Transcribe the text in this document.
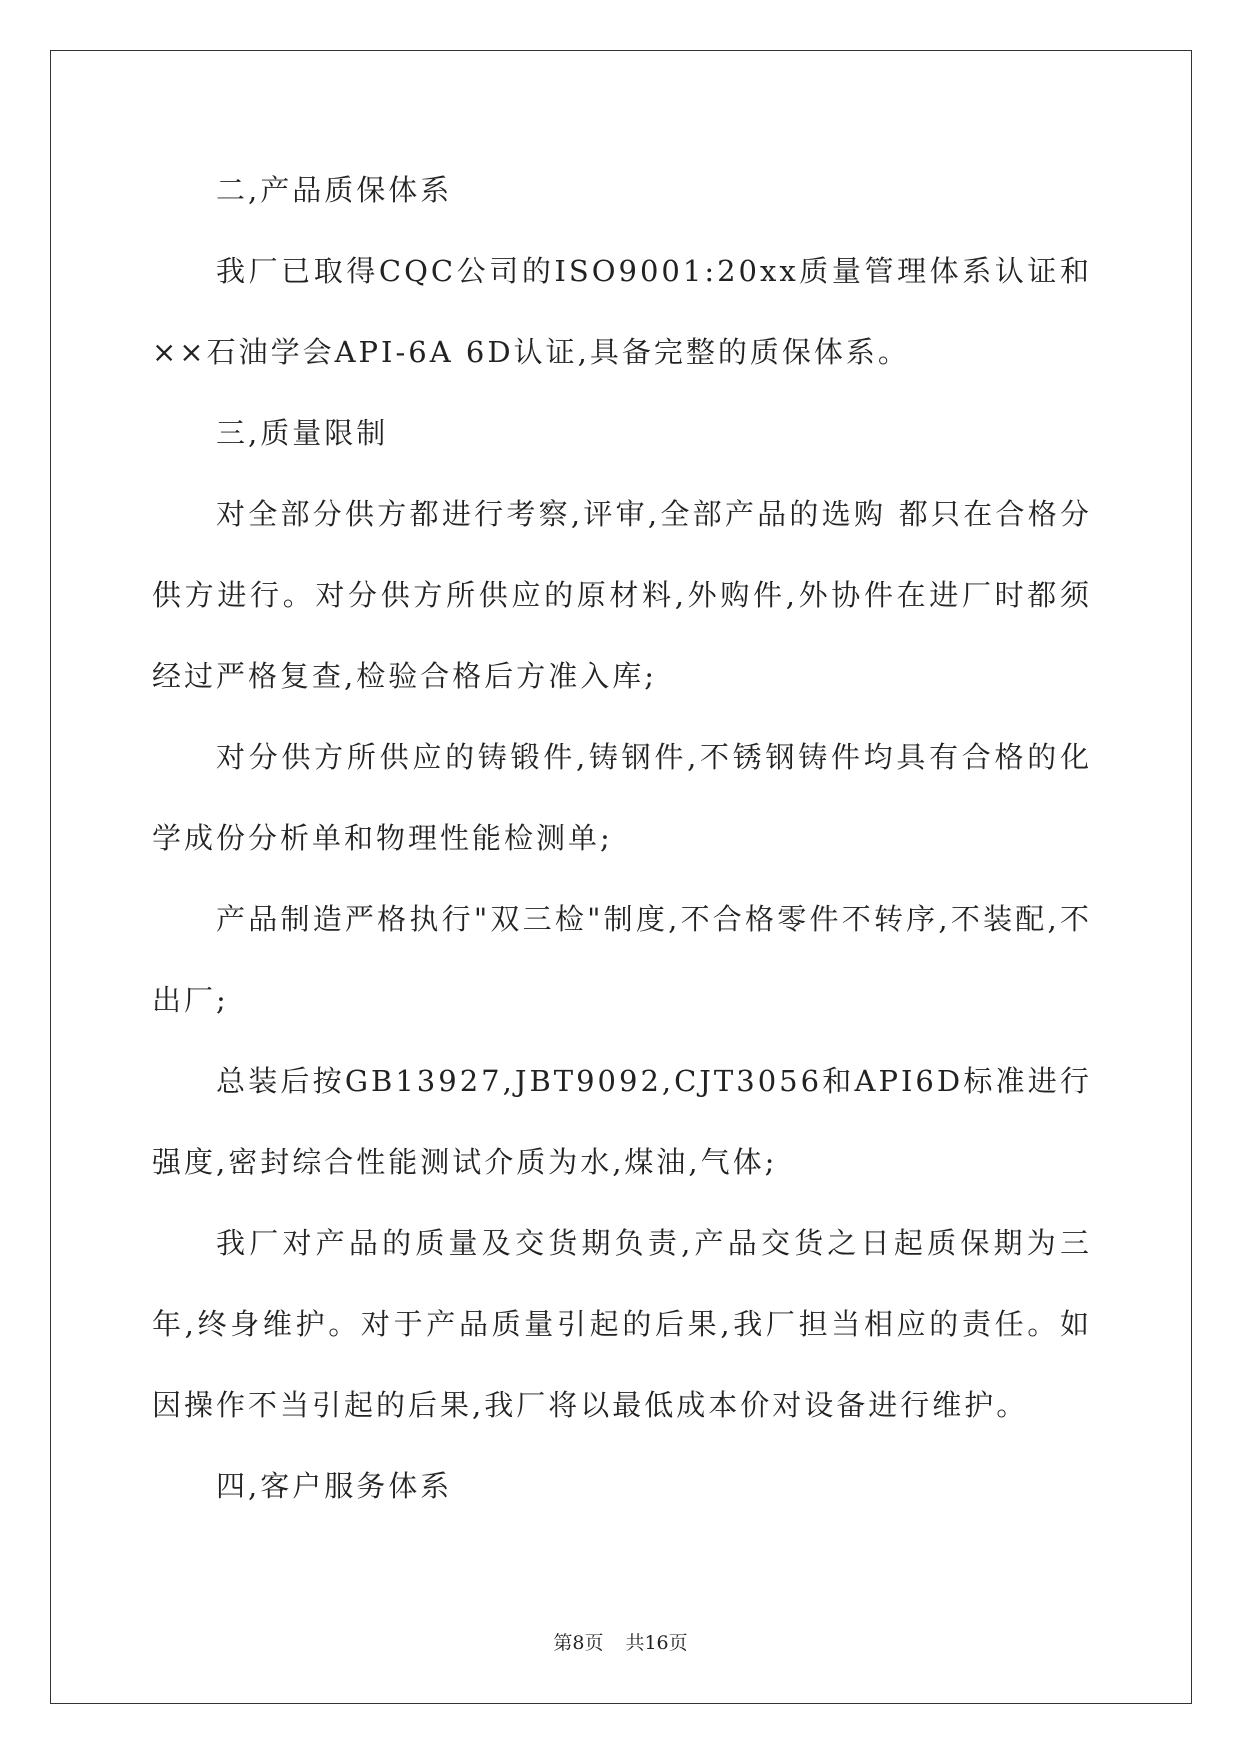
二,产品质保体系

我厂已取得CQC公司的ISO9001:20xx质量管理体系认证和××石油学会API-6A 6D认证,具备完整的质保体系。

三,质量限制

对全部分供方都进行考察,评审,全部产品的选购 都只在合格分供方进行。对分供方所供应的原材料,外购件,外协件在进厂时都须经过严格复查,检验合格后方准入库;

对分供方所供应的铸锻件,铸钢件,不锈钢铸件均具有合格的化学成份分析单和物理性能检测单;

产品制造严格执行"双三检"制度,不合格零件不转序,不装配,不出厂;

总装后按GB13927,JBT9092,CJT3056和API6D标准进行强度,密封综合性能测试介质为水,煤油,气体;

我厂对产品的质量及交货期负责,产品交货之日起质保期为三年,终身维护。对于产品质量引起的后果,我厂担当相应的责任。如因操作不当引起的后果,我厂将以最低成本价对设备进行维护。

四,客户服务体系

第8页 共16页
